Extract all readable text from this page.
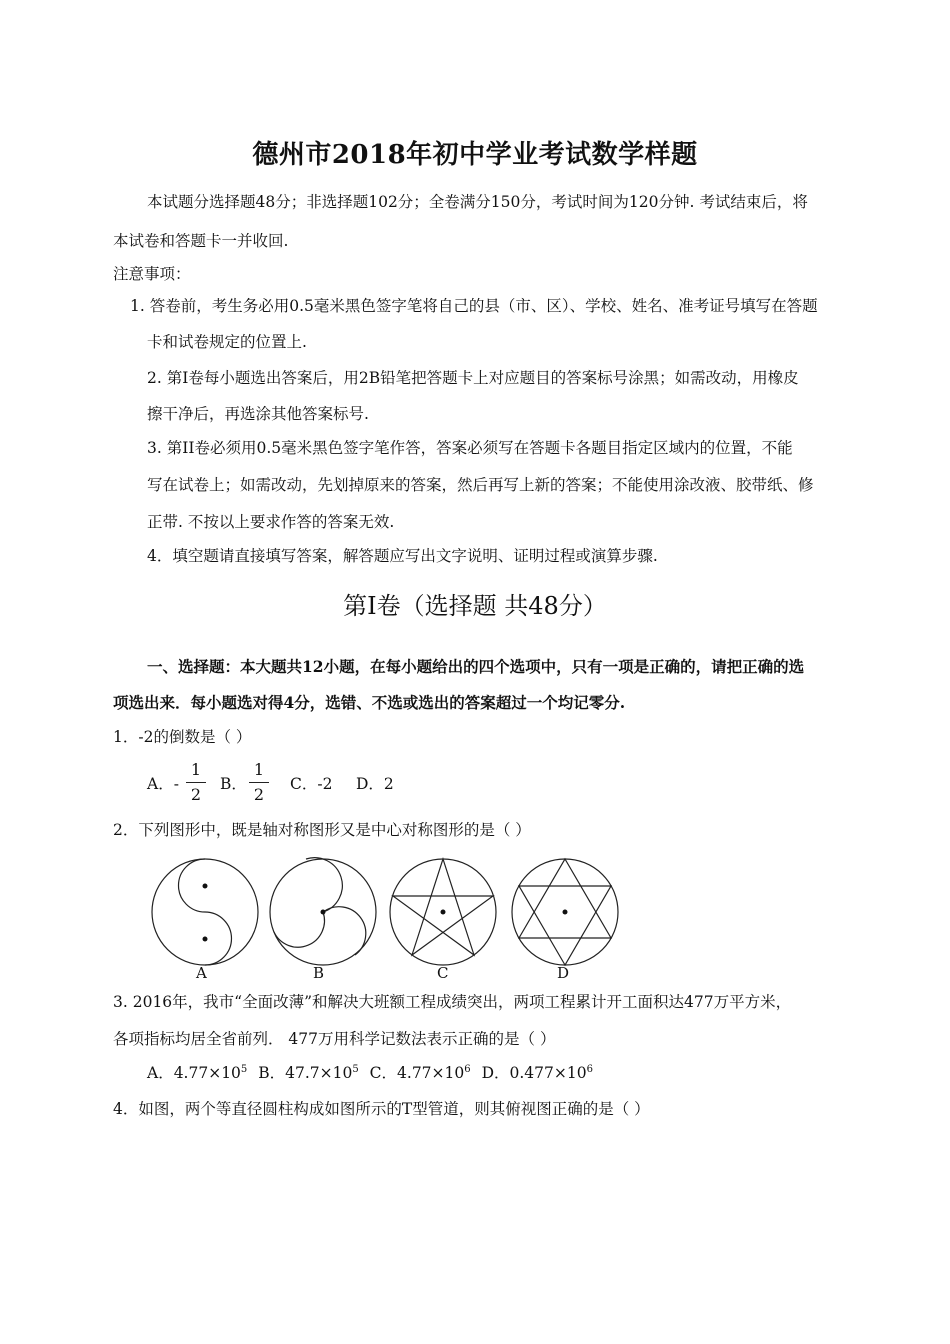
德州市2018年初中学业考试数学样题
本试题分选择题48分；非选择题102分；全卷满分150分，考试时间为120分钟. 考试结束后，将
本试卷和答题卡一并收回.
注意事项：
1. 答卷前，考生务必用0.5毫米黑色签字笔将自己的县（市、区）、学校、姓名、准考证号填写在答题
卡和试卷规定的位置上.
2. 第I卷每小题选出答案后，用2B铅笔把答题卡上对应题目的答案标号涂黑；如需改动，用橡皮
擦干净后，再选涂其他答案标号.
3. 第II卷必须用0.5毫米黑色签字笔作答，答案必须写在答题卡各题目指定区域内的位置，不能
写在试卷上；如需改动，先划掉原来的答案，然后再写上新的答案；不能使用涂改液、胶带纸、修
正带. 不按以上要求作答的答案无效.
4．填空题请直接填写答案，解答题应写出文字说明、证明过程或演算步骤.
第Ⅰ卷（选择题 共48分）
一、选择题：本大题共12小题，在每小题给出的四个选项中，只有一项是正确的，请把正确的选
项选出来．每小题选对得4分，选错、不选或选出的答案超过一个均记零分.
1．-2的倒数是（ ）
A．-
1
2
B．
1
2
C．-2 D．2
2．下列图形中，既是轴对称图形又是中心对称图形的是（ ）
A	B	C	D
3. 2016年，我市“全面改薄”和解决大班额工程成绩突出，两项工程累计开工面积达477万平方米，
各项指标均居全省前列． 477万用科学记数法表示正确的是（ ）
A．$4.77\times 10^5$ B．$47.7\times 10^5$ C．$4.77\times 10^6$ D．$0.477\times 10^6$
4．如图，两个等直径圆柱构成如图所示的T型管道，则其俯视图正确的是（ ）
